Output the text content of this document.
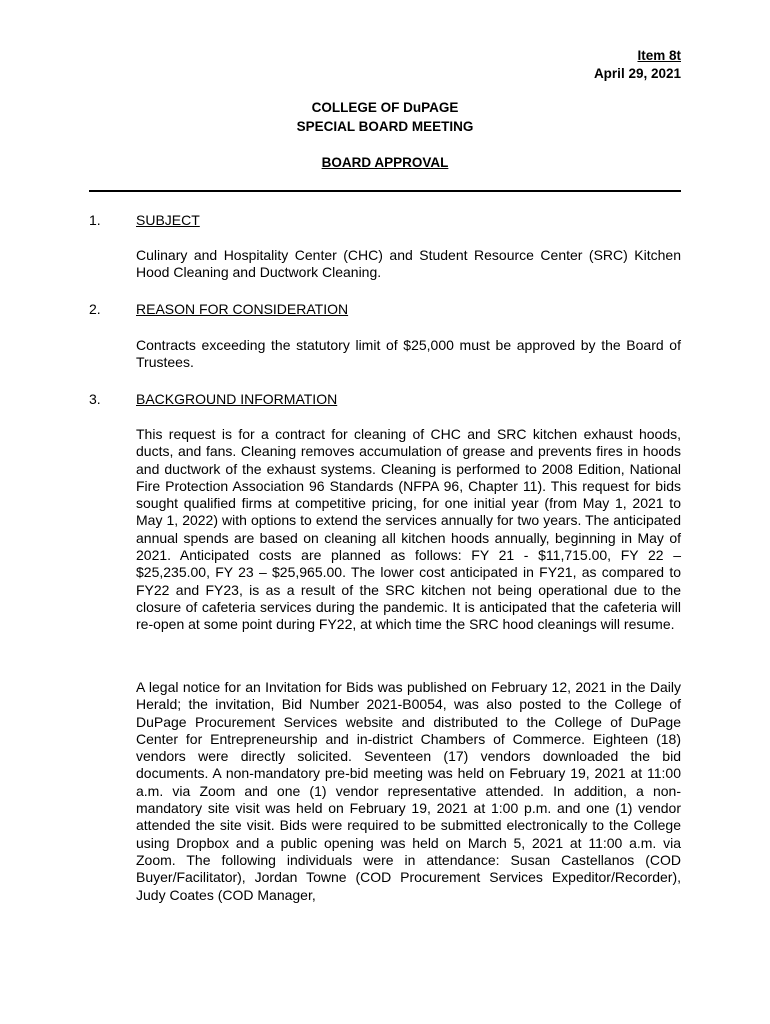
Item 8t
April 29, 2021
COLLEGE OF DuPAGE
SPECIAL BOARD MEETING
BOARD APPROVAL
1.	SUBJECT
Culinary and Hospitality Center (CHC) and Student Resource Center (SRC) Kitchen Hood Cleaning and Ductwork Cleaning.
2.	REASON FOR CONSIDERATION
Contracts exceeding the statutory limit of $25,000 must be approved by the Board of Trustees.
3.	BACKGROUND INFORMATION
This request is for a contract for cleaning of CHC and SRC kitchen exhaust hoods, ducts, and fans. Cleaning removes accumulation of grease and prevents fires in hoods and ductwork of the exhaust systems. Cleaning is performed to 2008 Edition, National Fire Protection Association 96 Standards (NFPA 96, Chapter 11). This request for bids sought qualified firms at competitive pricing, for one initial year (from May 1, 2021 to May 1, 2022) with options to extend the services annually for two years. The anticipated annual spends are based on cleaning all kitchen hoods annually, beginning in May of 2021. Anticipated costs are planned as follows: FY 21 - $11,715.00, FY 22 – $25,235.00, FY 23 – $25,965.00. The lower cost anticipated in FY21, as compared to FY22 and FY23, is as a result of the SRC kitchen not being operational due to the closure of cafeteria services during the pandemic. It is anticipated that the cafeteria will re-open at some point during FY22, at which time the SRC hood cleanings will resume.
A legal notice for an Invitation for Bids was published on February 12, 2021 in the Daily Herald; the invitation, Bid Number 2021-B0054, was also posted to the College of DuPage Procurement Services website and distributed to the College of DuPage Center for Entrepreneurship and in-district Chambers of Commerce. Eighteen (18) vendors were directly solicited. Seventeen (17) vendors downloaded the bid documents. A non-mandatory pre-bid meeting was held on February 19, 2021 at 11:00 a.m. via Zoom and one (1) vendor representative attended. In addition, a non-mandatory site visit was held on February 19, 2021 at 1:00 p.m. and one (1) vendor attended the site visit. Bids were required to be submitted electronically to the College using Dropbox and a public opening was held on March 5, 2021 at 11:00 a.m. via Zoom. The following individuals were in attendance: Susan Castellanos (COD Buyer/Facilitator), Jordan Towne (COD Procurement Services Expeditor/Recorder), Judy Coates (COD Manager,
